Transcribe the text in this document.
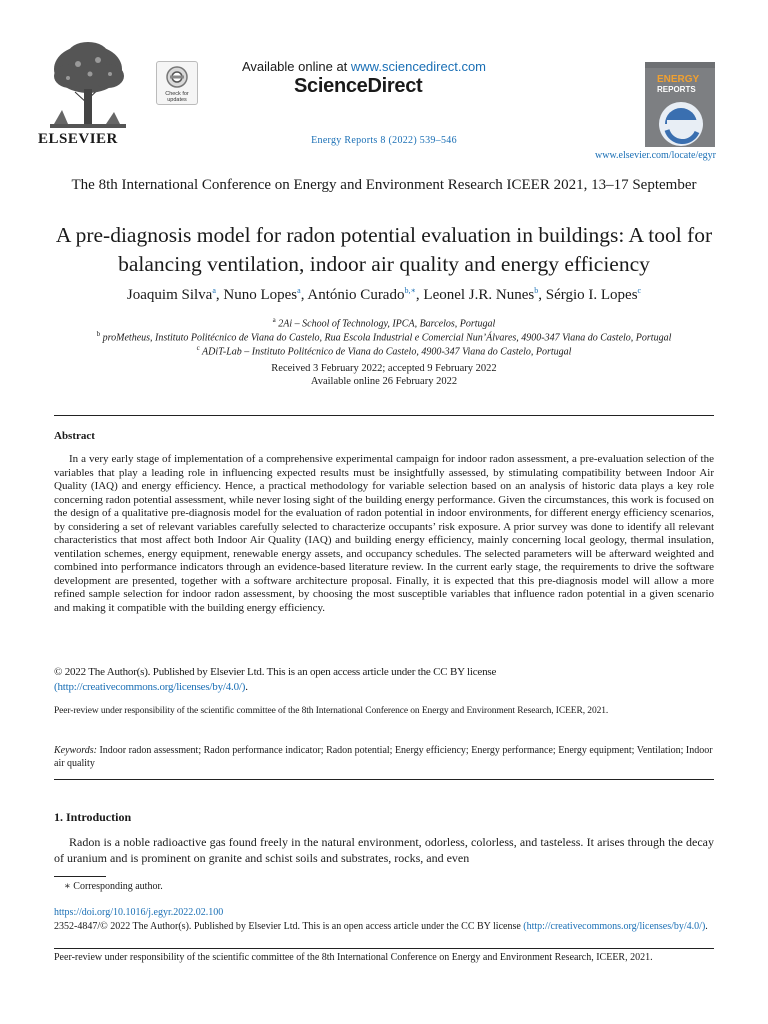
ELSEVIER
Check for
updates
Available online at www.sciencedirect.com
ScienceDirect
Energy Reports 8 (2022) 539–546
ENERGY
REPORTS
www.elsevier.com/locate/egyr
The 8th International Conference on Energy and Environment Research ICEER 2021, 13–17 September
A pre-diagnosis model for radon potential evaluation in buildings: A tool for balancing ventilation, indoor air quality and energy efficiency
Joaquim Silva$^a$, Nuno Lopes$^a$, António Curado$^{b,∗}$, Leonel J.R. Nunes$^b$, Sérgio I. Lopes$^c$
$^a$ 2Ai – School of Technology, IPCA, Barcelos, Portugal
$^b$ proMetheus, Instituto Politécnico de Viana do Castelo, Rua Escola Industrial e Comercial Nun’Álvares, 4900-347 Viana do Castelo, Portugal
$^c$ ADiT-Lab – Instituto Politécnico de Viana do Castelo, 4900-347 Viana do Castelo, Portugal
Received 3 February 2022; accepted 9 February 2022
Available online 26 February 2022
Abstract
In a very early stage of implementation of a comprehensive experimental campaign for indoor radon assessment, a pre-evaluation selection of the variables that play a leading role in influencing expected results must be insightfully assessed, by stimulating compatibility between Indoor Air Quality (IAQ) and energy efficiency. Hence, a practical methodology for variable selection based on an analysis of historic data plays a key role concerning radon potential assessment, while never losing sight of the building energy performance. Given the circumstances, this work is focused on the design of a qualitative pre-diagnosis model for the evaluation of radon potential in indoor environments, for different energy efficiency scenarios, by considering a set of relevant variables carefully selected to characterize occupants’ risk exposure. A prior survey was done to identify all relevant characteristics that most affect both Indoor Air Quality (IAQ) and building energy efficiency, mainly concerning local geology, thermal insulation, ventilation schemes, energy equipment, renewable energy assets, and occupancy schedules. The selected parameters will be afterward weighted and combined into performance indicators through an evidence-based literature review. In the current early stage, the requirements to drive the software development are presented, together with a software architecture proposal. Finally, it is expected that this pre-diagnosis model will allow a more refined sample selection for indoor radon assessment, by choosing the most susceptible variables that influence radon potential in a given scenario and making it compatible with the building energy efficiency.
© 2022 The Author(s). Published by Elsevier Ltd. This is an open access article under the CC BY license
(http://creativecommons.org/licenses/by/4.0/).
Peer-review under responsibility of the scientific committee of the 8th International Conference on Energy and Environment Research, ICEER, 2021.
Keywords: Indoor radon assessment; Radon performance indicator; Radon potential; Energy efficiency; Energy performance; Energy equipment; Ventilation; Indoor air quality
1. Introduction
Radon is a noble radioactive gas found freely in the natural environment, odorless, colorless, and tasteless. It arises through the decay of uranium and is prominent on granite and schist soils and substrates, rocks, and even
∗ Corresponding author.
https://doi.org/10.1016/j.egyr.2022.02.100
2352-4847/© 2022 The Author(s). Published by Elsevier Ltd. This is an open access article under the CC BY license (http://creativecommons.org/licenses/by/4.0/).
Peer-review under responsibility of the scientific committee of the 8th International Conference on Energy and Environment Research, ICEER, 2021.
